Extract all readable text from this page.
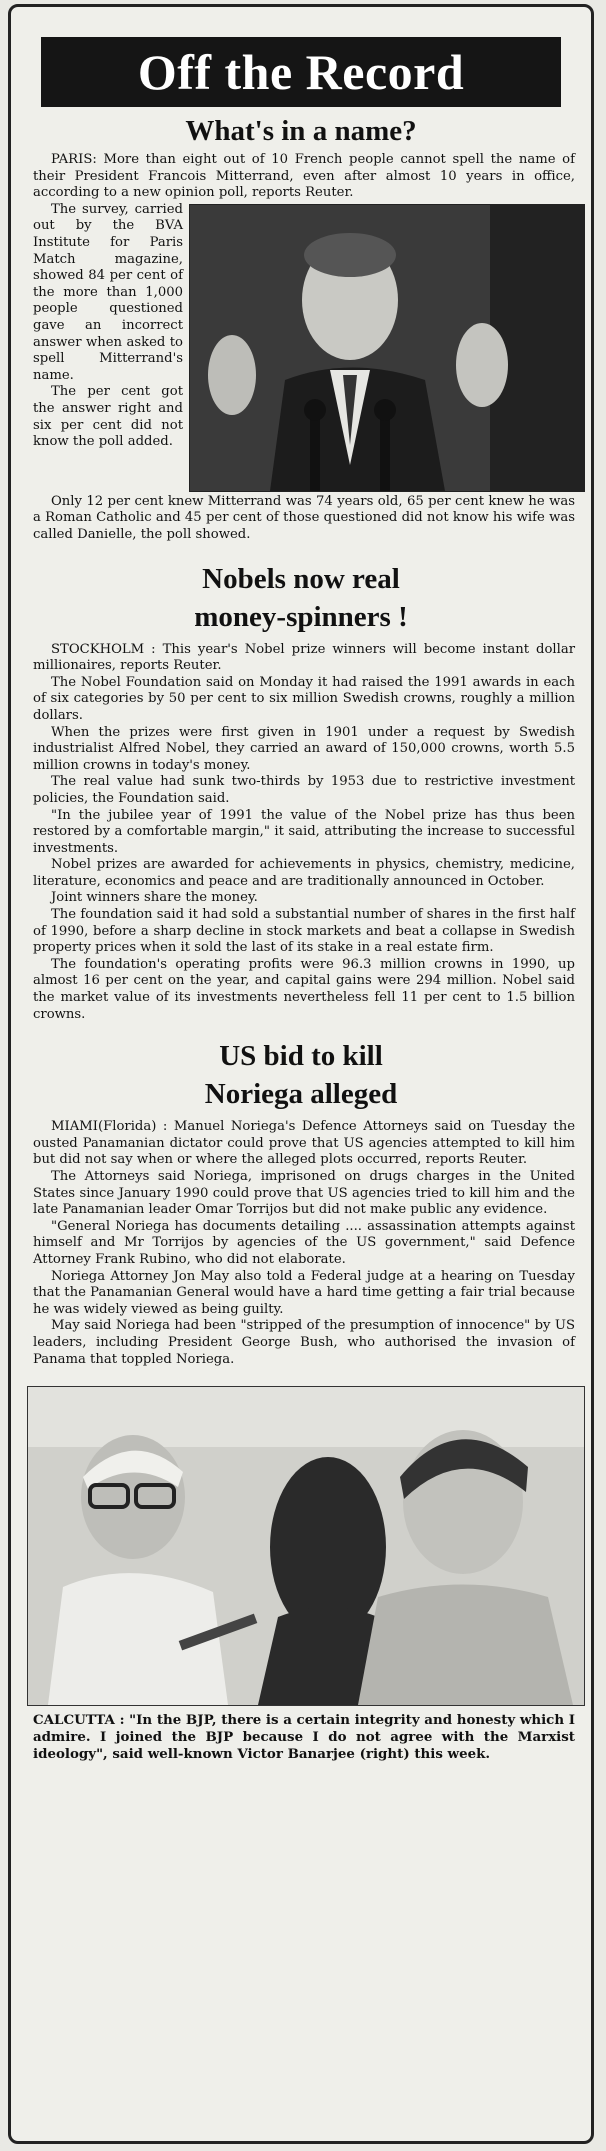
Off the Record
What's in a name?

PARIS: More than eight out of 10 French people cannot spell the name of their President Francois Mitterrand, even after almost 10 years in office, according to a new opinion poll, reports Reuter.

The survey, carried out by the BVA Institute for Paris Match magazine, showed 84 per cent of the more than 1,000 people questioned gave an incorrect answer when asked to spell Mitterrand's name.

The per cent got the answer right and six per cent did not know the poll added.

Only 12 per cent knew Mitterrand was 74 years old, 65 per cent knew he was a Roman Catholic and 45 per cent of those questioned did not know his wife was called Danielle, the poll showed.

Nobels now real
money-spinners !

STOCKHOLM : This year's Nobel prize winners will become instant dollar millionaires, reports Reuter.

The Nobel Foundation said on Monday it had raised the 1991 awards in each of six categories by 50 per cent to six million Swedish crowns, roughly a million dollars.

When the prizes were first given in 1901 under a request by Swedish industrialist Alfred Nobel, they carried an award of 150,000 crowns, worth 5.5 million crowns in today's money.

The real value had sunk two-thirds by 1953 due to restrictive investment policies, the Foundation said.

"In the jubilee year of 1991 the value of the Nobel prize has thus been restored by a comfortable margin," it said, attributing the increase to successful investments.

Nobel prizes are awarded for achievements in physics, chemistry, medicine, literature, economics and peace and are traditionally announced in October.

Joint winners share the money.

The foundation said it had sold a substantial number of shares in the first half of 1990, before a sharp decline in stock markets and beat a collapse in Swedish property prices when it sold the last of its stake in a real estate firm.

The foundation's operating profits were 96.3 million crowns in 1990, up almost 16 per cent on the year, and capital gains were 294 million. Nobel said the market value of its investments nevertheless fell 11 per cent to 1.5 billion crowns.

US bid to kill
Noriega alleged

MIAMI(Florida) : Manuel Noriega's Defence Attorneys said on Tuesday the ousted Panamanian dictator could prove that US agencies attempted to kill him but did not say when or where the alleged plots occurred, reports Reuter.

The Attorneys said Noriega, imprisoned on drugs charges in the United States since January 1990 could prove that US agencies tried to kill him and the late Panamanian leader Omar Torrijos but did not make public any evidence.

"General Noriega has documents detailing .... assassination attempts against himself and Mr Torrijos by agencies of the US government," said Defence Attorney Frank Rubino, who did not elaborate.

Noriega Attorney Jon May also told a Federal judge at a hearing on Tuesday that the Panamanian General would have a hard time getting a fair trial because he was widely viewed as being guilty.

May said Noriega had been "stripped of the presumption of innocence" by US leaders, including President George Bush, who authorised the invasion of Panama that toppled Noriega.

CALCUTTA : "In the BJP, there is a certain integrity and honesty which I admire. I joined the BJP because I do not agree with the Marxist ideology", said well-known Victor Banarjee (right) this week.
